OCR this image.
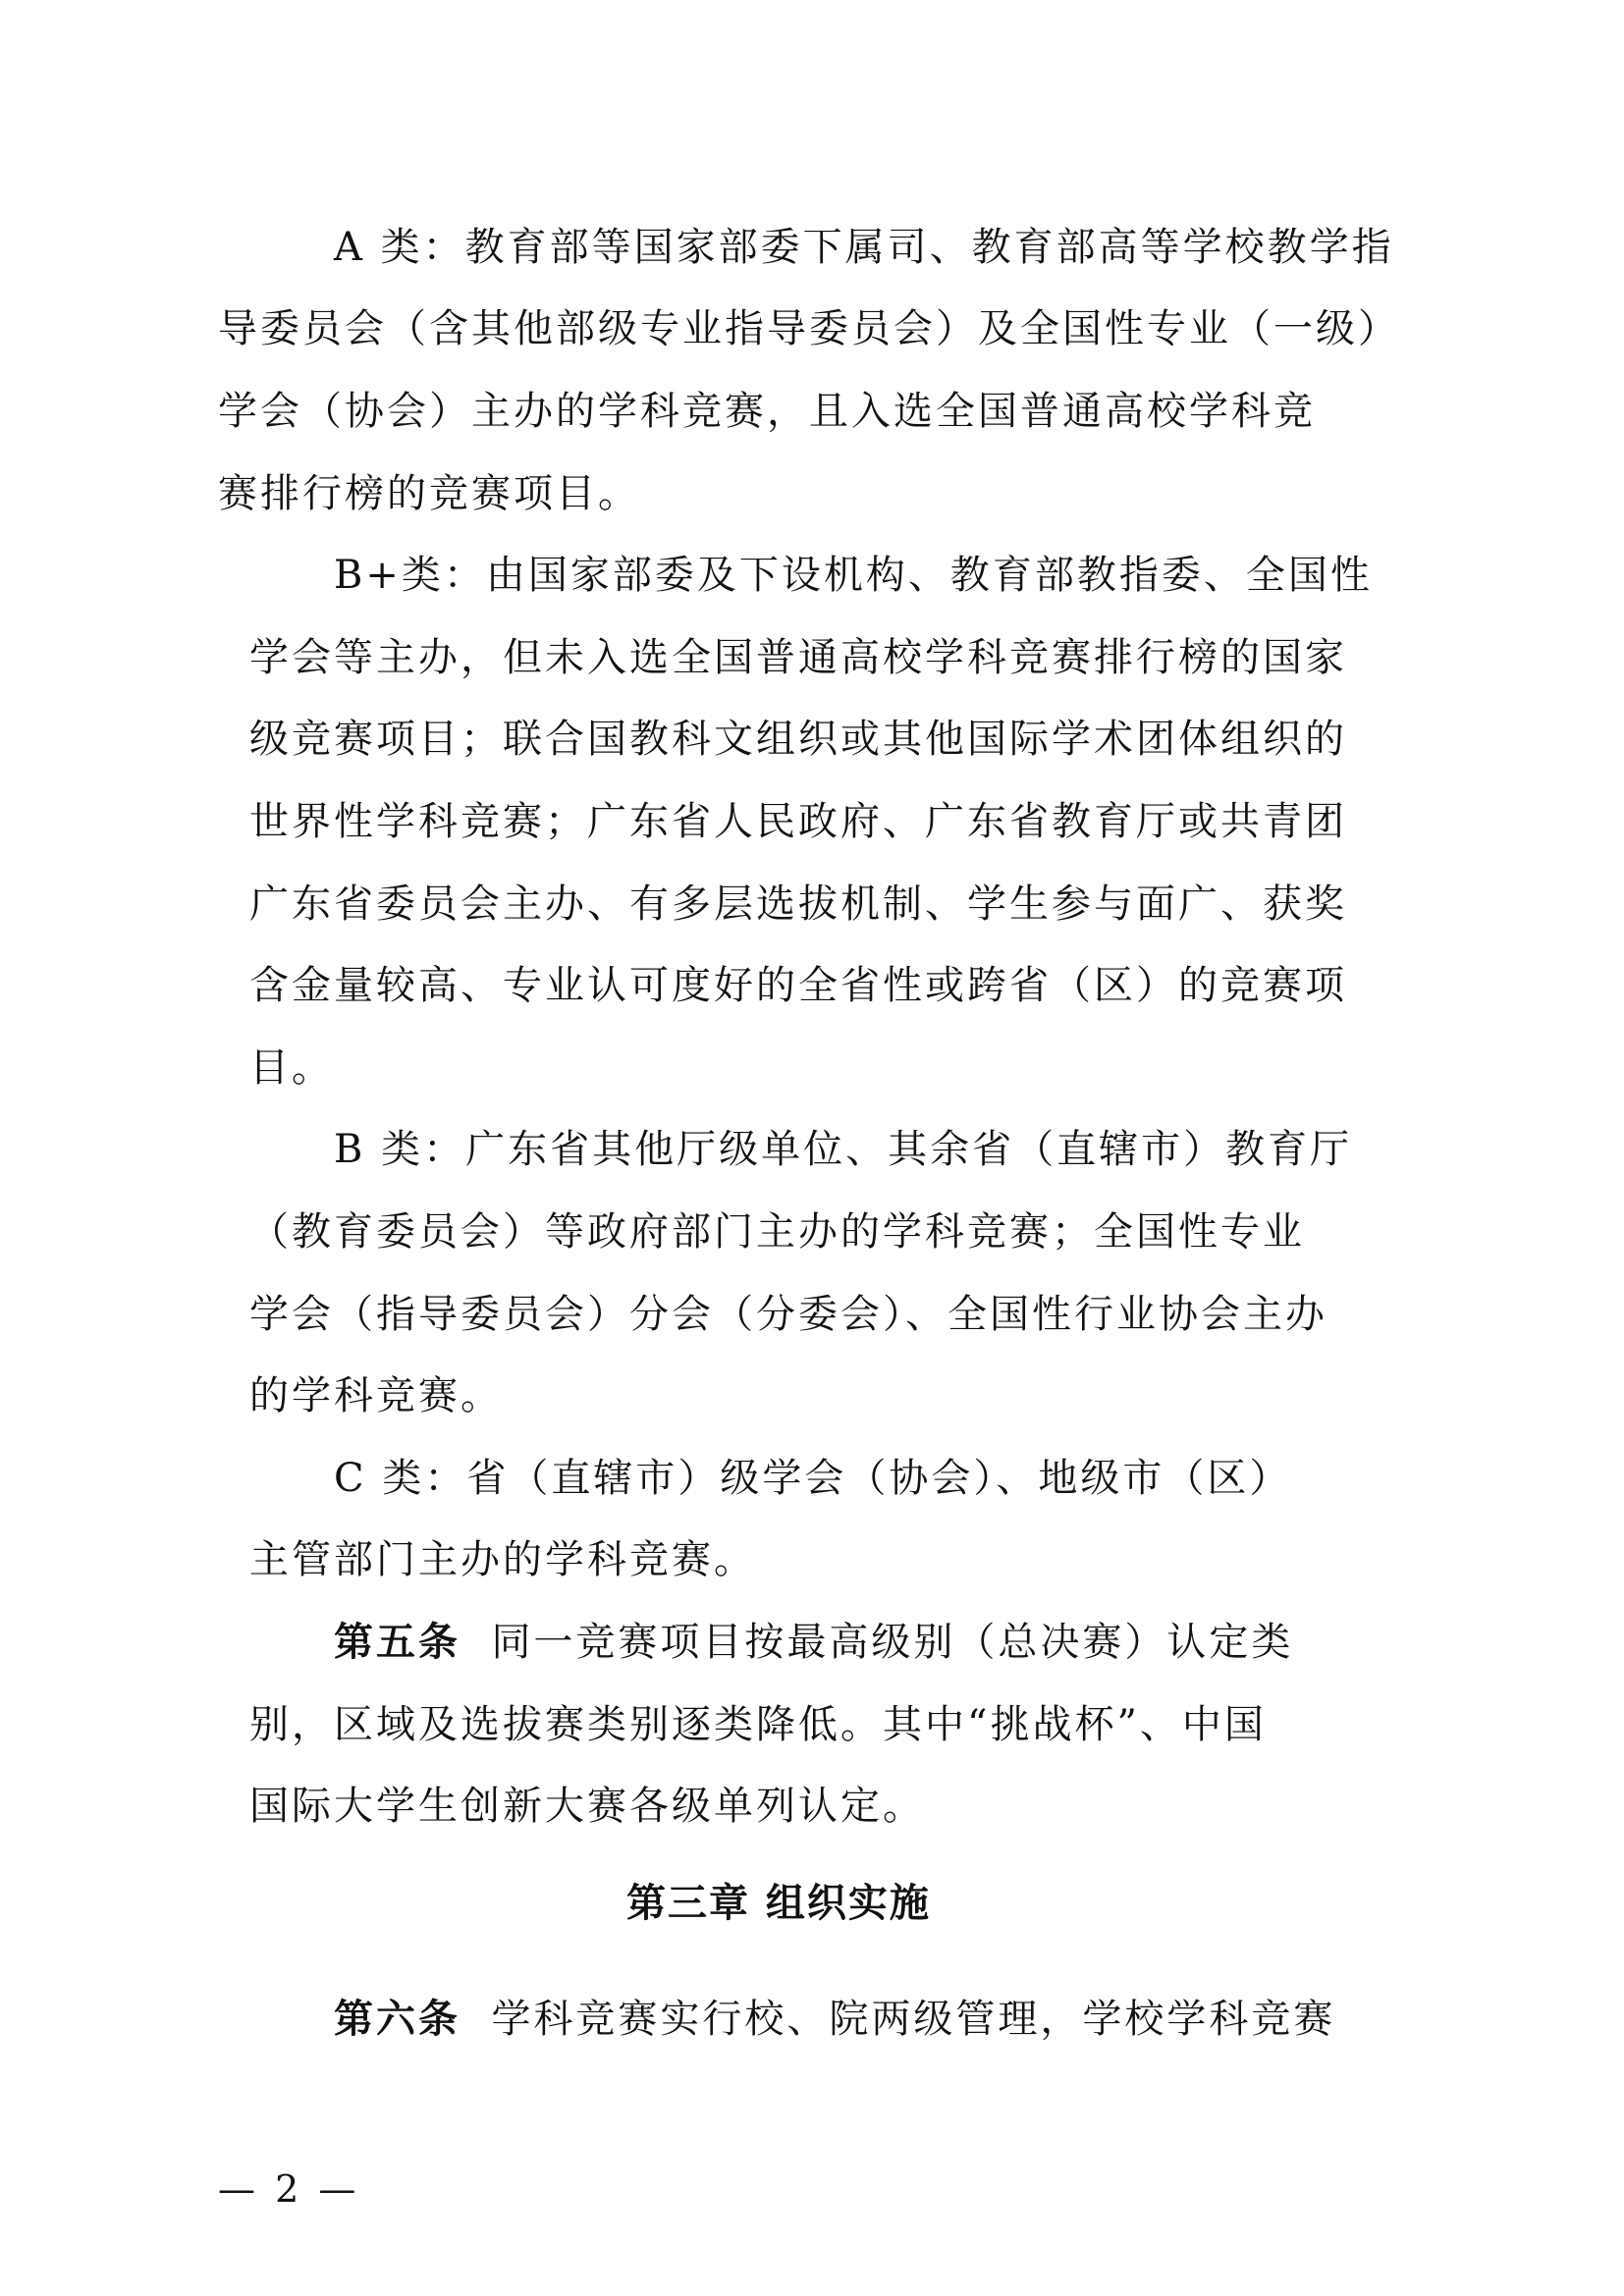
A 类：教育部等国家部委下属司、教育部高等学校教学指
导委员会（含其他部级专业指导委员会）及全国性专业（一级）
学会（协会）主办的学科竞赛，且入选全国普通高校学科竞
赛排行榜的竞赛项目。
B+类：由国家部委及下设机构、教育部教指委、全国性
学会等主办，但未入选全国普通高校学科竞赛排行榜的国家
级竞赛项目；联合国教科文组织或其他国际学术团体组织的
世界性学科竞赛；广东省人民政府、广东省教育厅或共青团
广东省委员会主办、有多层选拔机制、学生参与面广、获奖
含金量较高、专业认可度好的全省性或跨省（区）的竞赛项
目。
B 类：广东省其他厅级单位、其余省（直辖市）教育厅
（教育委员会）等政府部门主办的学科竞赛；全国性专业
学会（指导委员会）分会（分委会）、全国性行业协会主办
的学科竞赛。
C 类：省（直辖市）级学会（协会）、地级市（区）
主管部门主办的学科竞赛。
第五条 同一竞赛项目按最高级别（总决赛）认定类
别，区域及选拔赛类别逐类降低。其中“挑战杯”、中国
国际大学生创新大赛各级单列认定。
第三章 组织实施
第六条 学科竞赛实行校、院两级管理，学校学科竞赛
— 2 —
